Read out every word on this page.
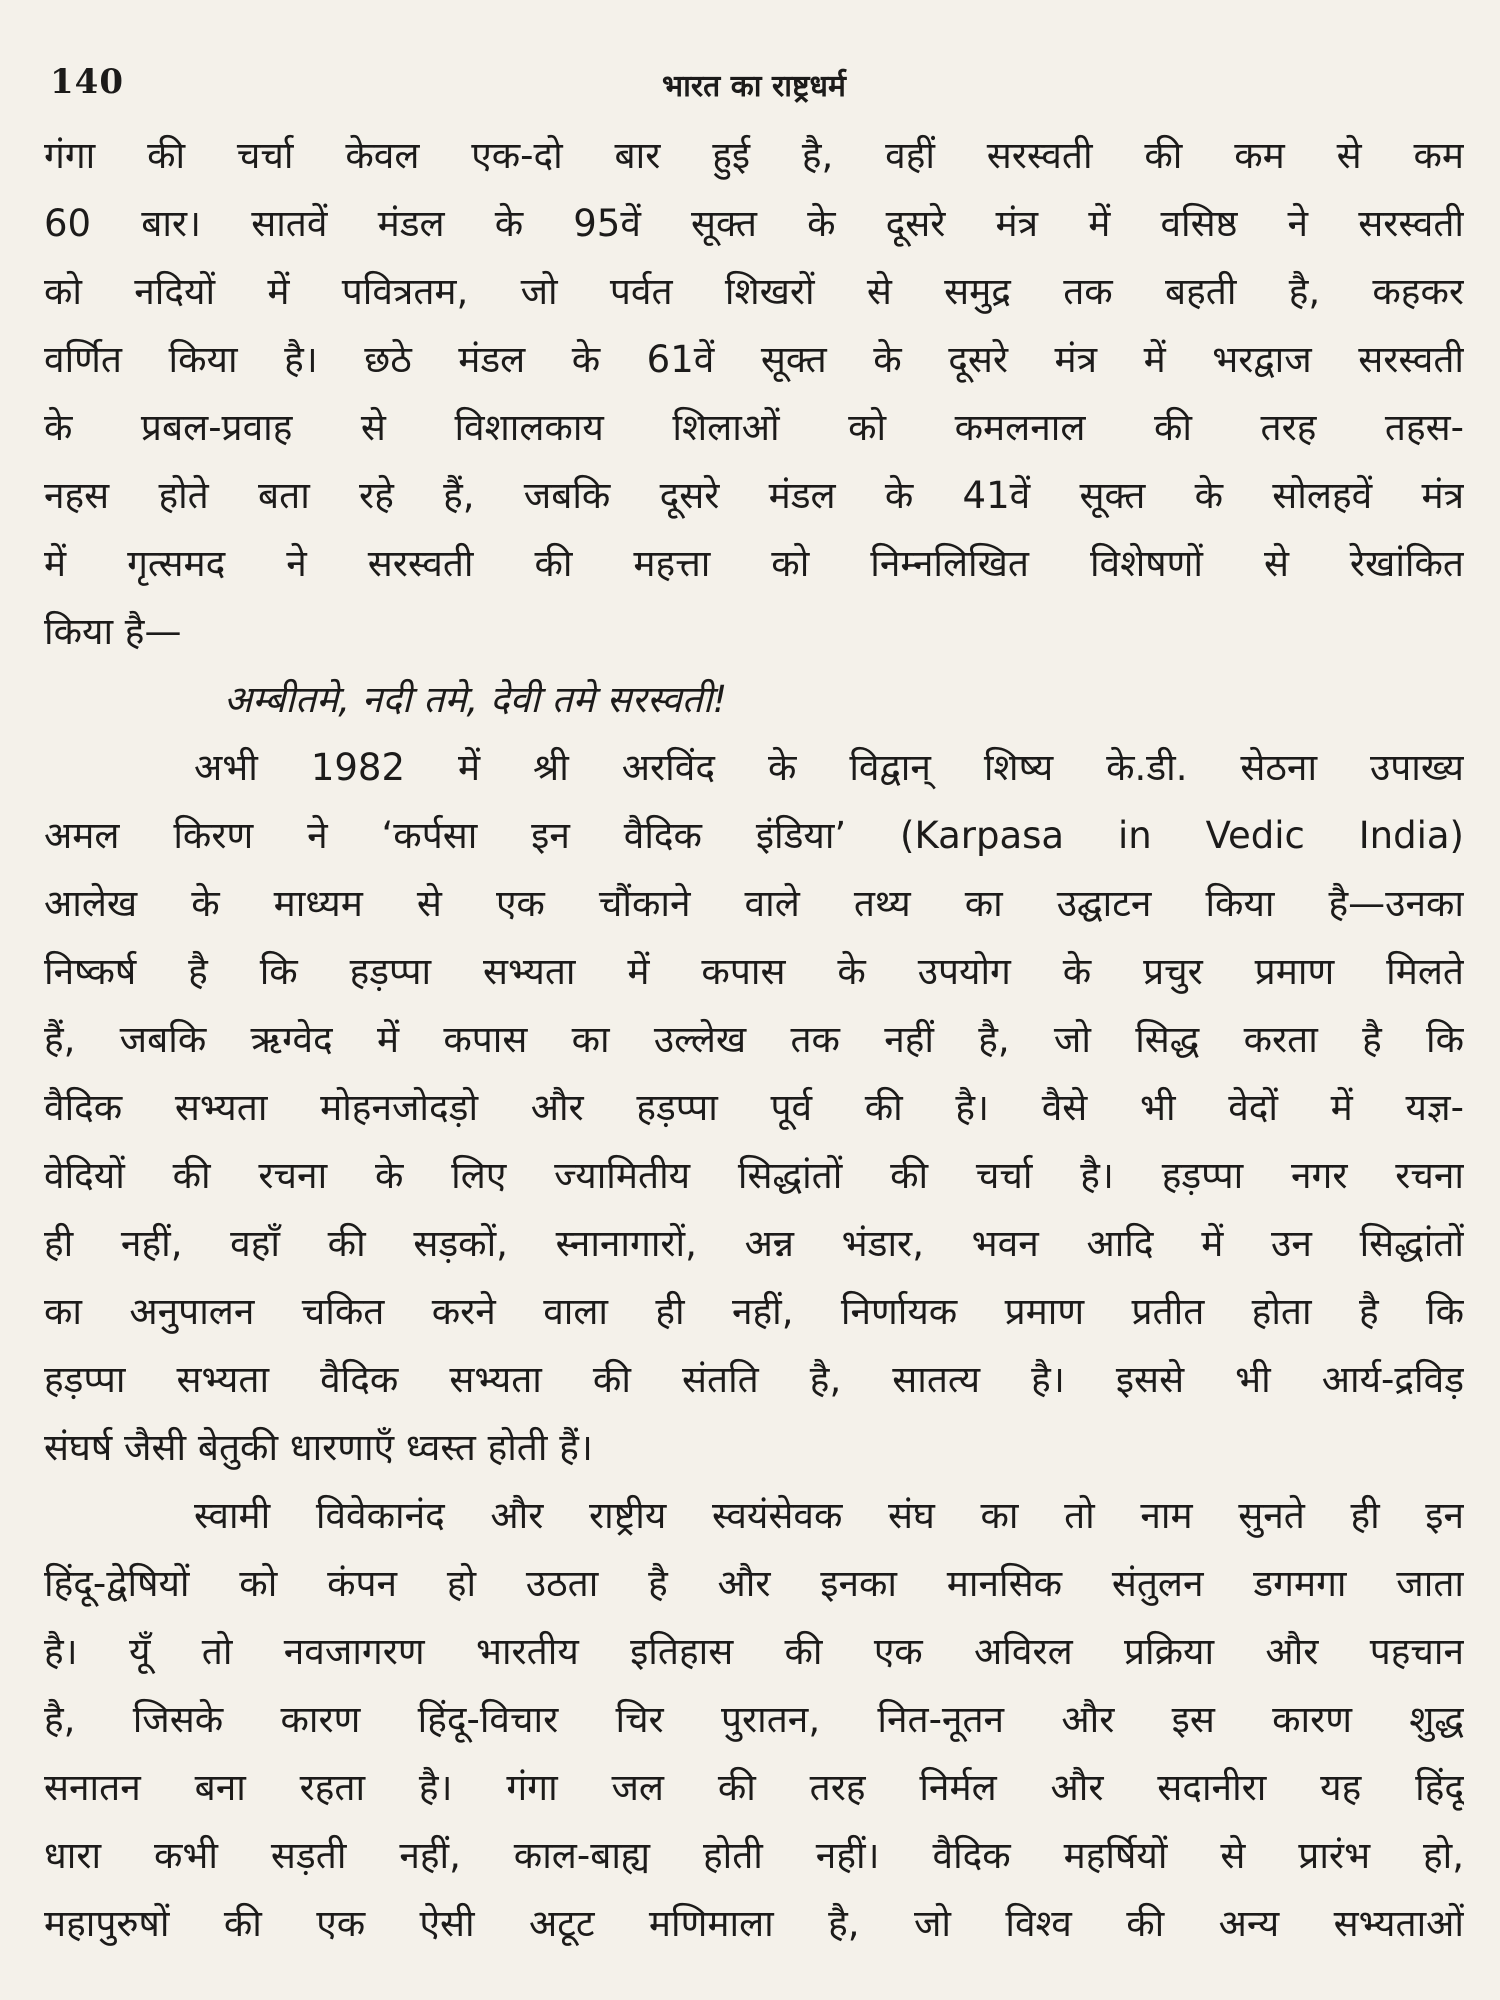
140	भारत का राष्ट्रधर्म
गंगा की चर्चा केवल एक-दो बार हुई है, वहीं सरस्वती की कम से कम
60 बार। सातवें मंडल के 95वें सूक्त के दूसरे मंत्र में वसिष्ठ ने सरस्वती
को नदियों में पवित्रतम, जो पर्वत शिखरों से समुद्र तक बहती है, कहकर
वर्णित किया है। छठे मंडल के 61वें सूक्त के दूसरे मंत्र में भरद्वाज सरस्वती
के प्रबल-प्रवाह से विशालकाय शिलाओं को कमलनाल की तरह तहस-
नहस होते बता रहे हैं, जबकि दूसरे मंडल के 41वें सूक्त के सोलहवें मंत्र
में गृत्समद ने सरस्वती की महत्ता को निम्नलिखित विशेषणों से रेखांकित
किया है—
अम्बीतमे, नदी तमे, देवी तमे सरस्वती!
अभी 1982 में श्री अरविंद के विद्वान् शिष्य के.डी. सेठना उपाख्य
अमल किरण ने ‘कर्पसा इन वैदिक इंडिया’ (Karpasa in Vedic India)
आलेख के माध्यम से एक चौंकाने वाले तथ्य का उद्घाटन किया है—उनका
निष्कर्ष है कि हड़प्पा सभ्यता में कपास के उपयोग के प्रचुर प्रमाण मिलते
हैं, जबकि ऋग्वेद में कपास का उल्लेख तक नहीं है, जो सिद्ध करता है कि
वैदिक सभ्यता मोहनजोदड़ो और हड़प्पा पूर्व की है। वैसे भी वेदों में यज्ञ-
वेदियों की रचना के लिए ज्यामितीय सिद्धांतों की चर्चा है। हड़प्पा नगर रचना
ही नहीं, वहाँ की सड़कों, स्नानागारों, अन्न भंडार, भवन आदि में उन सिद्धांतों
का अनुपालन चकित करने वाला ही नहीं, निर्णायक प्रमाण प्रतीत होता है कि
हड़प्पा सभ्यता वैदिक सभ्यता की संतति है, सातत्य है। इससे भी आर्य-द्रविड़
संघर्ष जैसी बेतुकी धारणाएँ ध्वस्त होती हैं।
स्वामी विवेकानंद और राष्ट्रीय स्वयंसेवक संघ का तो नाम सुनते ही इन
हिंदू-द्वेषियों को कंपन हो उठता है और इनका मानसिक संतुलन डगमगा जाता
है। यूँ तो नवजागरण भारतीय इतिहास की एक अविरल प्रक्रिया और पहचान
है, जिसके कारण हिंदू-विचार चिर पुरातन, नित-नूतन और इस कारण शुद्ध
सनातन बना रहता है। गंगा जल की तरह निर्मल और सदानीरा यह हिंदू
धारा कभी सड़ती नहीं, काल-बाह्य होती नहीं। वैदिक महर्षियों से प्रारंभ हो,
महापुरुषों की एक ऐसी अटूट मणिमाला है, जो विश्व की अन्य सभ्यताओं
